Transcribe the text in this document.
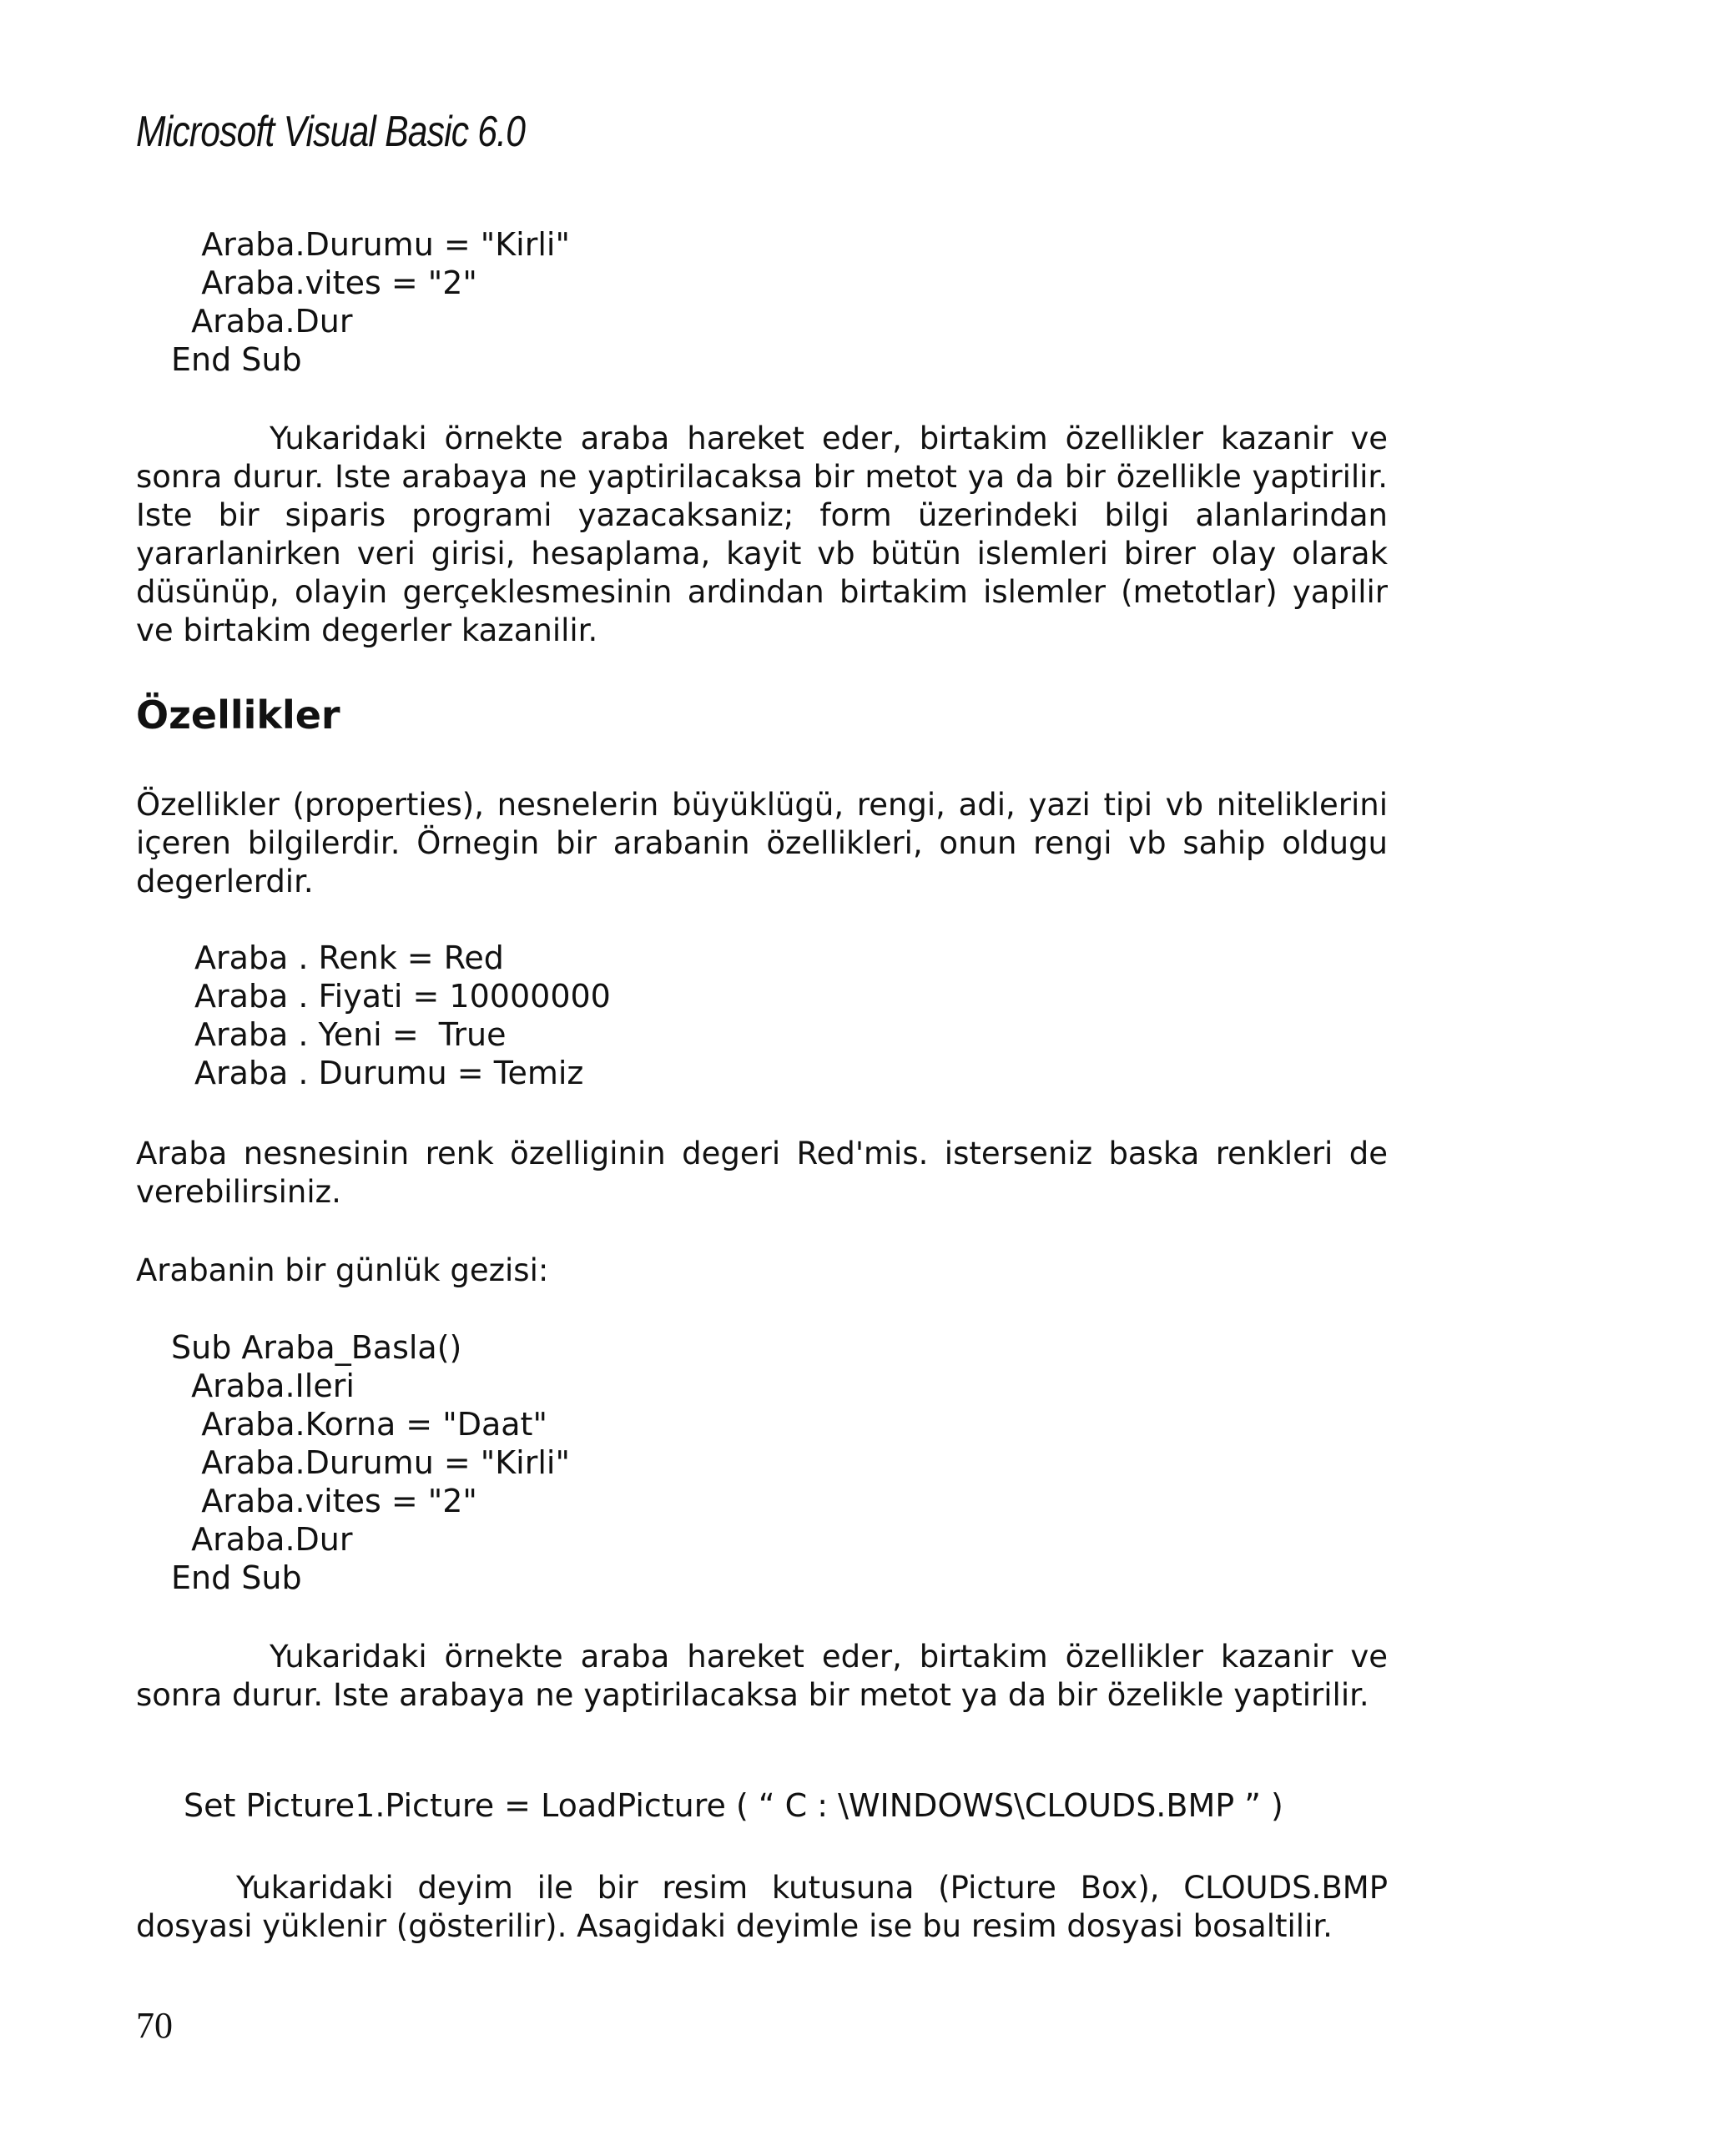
Microsoft Visual Basic 6.0
Araba.Durumu = "Kirli"
Araba.vites = "2"
Araba.Dur
End Sub
Yukaridaki örnekte araba hareket eder, birtakim özellikler kazanir ve sonra durur. Iste arabaya ne yaptirilacaksa bir metot ya da bir özellikle yaptirilir. Iste bir siparis programi yazacaksaniz; form üzerindeki bilgi alanlarindan yararlanirken veri girisi, hesaplama, kayit vb bütün islemleri birer olay olarak düsünüp, olayin gerçeklesmesinin ardindan birtakim islemler (metotlar) yapilir ve birtakim degerler kazanilir.
Özellikler
Özellikler (properties), nesnelerin büyüklügü, rengi, adi, yazi tipi vb niteliklerini içeren bilgilerdir. Örnegin bir arabanin özellikleri, onun rengi vb sahip oldugu degerlerdir.
Araba . Renk = Red
Araba . Fiyati = 10000000
Araba . Yeni =  True
Araba . Durumu = Temiz
Araba nesnesinin renk özelliginin degeri Red'mis. isterseniz baska renkleri de verebilirsiniz.
Arabanin bir günlük gezisi:
Sub Araba_Basla()
Araba.Ileri
Araba.Korna = "Daat"
Araba.Durumu = "Kirli"
Araba.vites = "2"
Araba.Dur
End Sub
Yukaridaki örnekte araba hareket eder, birtakim özellikler kazanir ve sonra durur. Iste arabaya ne yaptirilacaksa bir metot ya da bir özelikle yaptirilir.
Set Picture1.Picture = LoadPicture ( “ C : \WINDOWS\CLOUDS.BMP ” )
Yukaridaki deyim ile bir resim kutusuna (Picture Box), CLOUDS.BMP dosyasi yüklenir (gösterilir). Asagidaki deyimle ise bu resim dosyasi bosaltilir.
70
